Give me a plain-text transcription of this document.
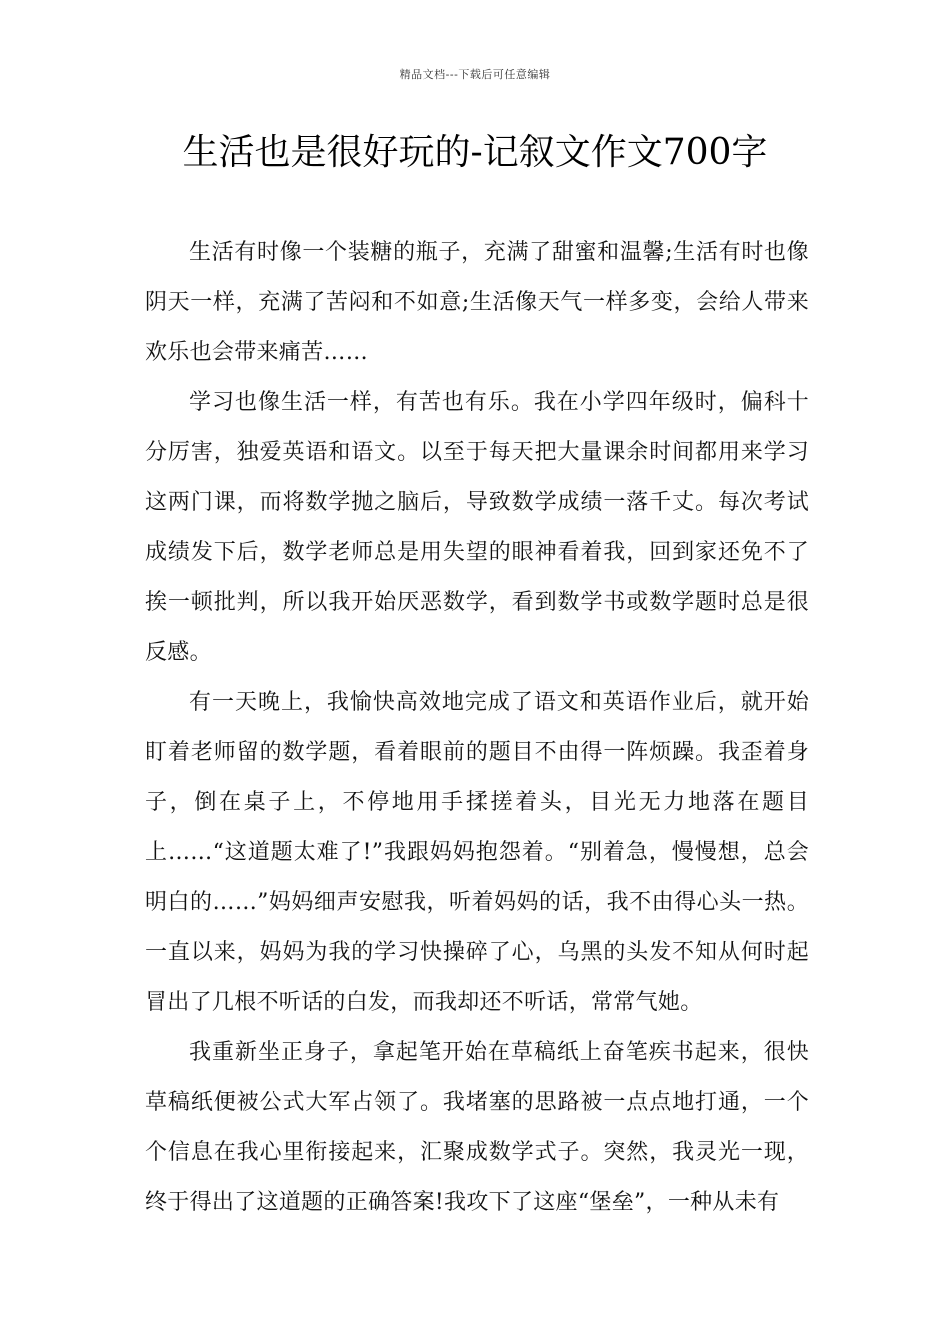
精品文档---下载后可任意编辑
生活也是很好玩的-记叙文作文700字

生活有时像一个装糖的瓶子，充满了甜蜜和温馨;生活有时也像阴天一样，充满了苦闷和不如意;生活像天气一样多变，会给人带来欢乐也会带来痛苦……

学习也像生活一样，有苦也有乐。我在小学四年级时，偏科十分厉害，独爱英语和语文。以至于每天把大量课余时间都用来学习这两门课，而将数学抛之脑后，导致数学成绩一落千丈。每次考试成绩发下后，数学老师总是用失望的眼神看着我，回到家还免不了挨一顿批判，所以我开始厌恶数学，看到数学书或数学题时总是很反感。

有一天晚上，我愉快高效地完成了语文和英语作业后，就开始盯着老师留的数学题，看着眼前的题目不由得一阵烦躁。我歪着身子，倒在桌子上，不停地用手揉搓着头，目光无力地落在题目上……“这道题太难了!”我跟妈妈抱怨着。“别着急，慢慢想，总会明白的……”妈妈细声安慰我，听着妈妈的话，我不由得心头一热。一直以来，妈妈为我的学习快操碎了心，乌黑的头发不知从何时起冒出了几根不听话的白发，而我却还不听话，常常气她。

我重新坐正身子，拿起笔开始在草稿纸上奋笔疾书起来，很快草稿纸便被公式大军占领了。我堵塞的思路被一点点地打通，一个个信息在我心里衔接起来，汇聚成数学式子。突然，我灵光一现，终于得出了这道题的正确答案!我攻下了这座“堡垒”，一种从未有
